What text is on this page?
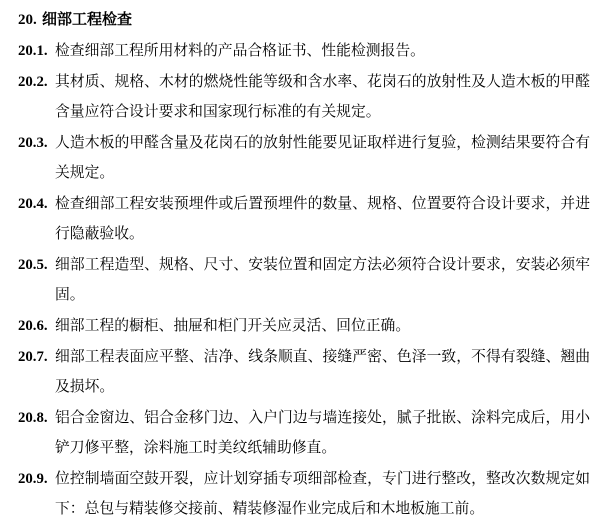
20. 细部工程检查
20.1. 检查细部工程所用材料的产品合格证书、性能检测报告。
20.2. 其材质、规格、木材的燃烧性能等级和含水率、花岗石的放射性及人造木板的甲醛含量应符合设计要求和国家现行标准的有关规定。
20.3. 人造木板的甲醛含量及花岗石的放射性能要见证取样进行复验，检测结果要符合有关规定。
20.4. 检查细部工程安装预埋件或后置预埋件的数量、规格、位置要符合设计要求，并进行隐蔽验收。
20.5. 细部工程造型、规格、尺寸、安装位置和固定方法必须符合设计要求，安装必须牢固。
20.6. 细部工程的橱柜、抽屉和柜门开关应灵活、回位正确。
20.7. 细部工程表面应平整、洁净、线条顺直、接缝严密、色泽一致，不得有裂缝、翘曲及损坏。
20.8. 铝合金窗边、铝合金移门边、入户门边与墙连接处，腻子批嵌、涂料完成后，用小铲刀修平整，涂料施工时美纹纸辅助修直。
20.9. 位控制墙面空鼓开裂，应计划穿插专项细部检查，专门进行整改，整改次数规定如下：总包与精装修交接前、精装修湿作业完成后和木地板施工前。
